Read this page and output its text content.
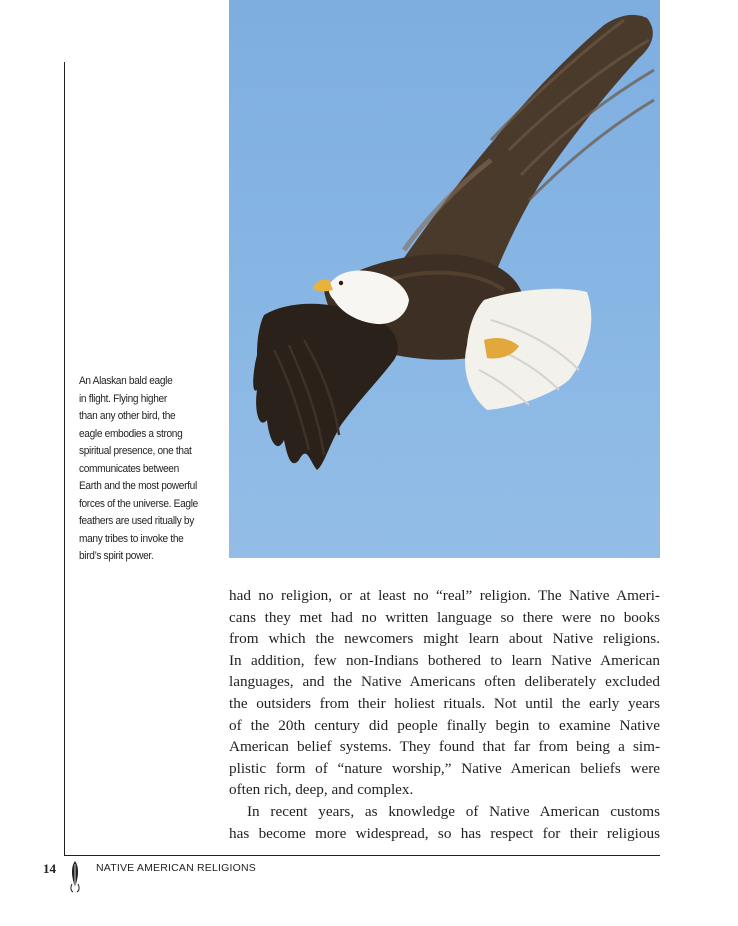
An Alaskan bald eagle
in flight. Flying higher
than any other bird, the
eagle embodies a strong
spiritual presence, one that
communicates between
Earth and the most powerful
forces of the universe. Eagle
feathers are used ritually by
many tribes to invoke the
bird’s spirit power.

had no religion, or at least no “real” religion. The Native Ameri-
cans they met had no written language so there were no books
from which the newcomers might learn about Native religions.
In addition, few non-Indians bothered to learn Native American
languages, and the Native Americans often deliberately excluded
the outsiders from their holiest rituals. Not until the early years
of the 20th century did people finally begin to examine Native
American belief systems. They found that far from being a sim-
plistic form of “nature worship,” Native American beliefs were
often rich, deep, and complex.

In recent years, as knowledge of Native American customs
has become more widespread, so has respect for their religious

14	NATIVE AMERICAN RELIGIONS
